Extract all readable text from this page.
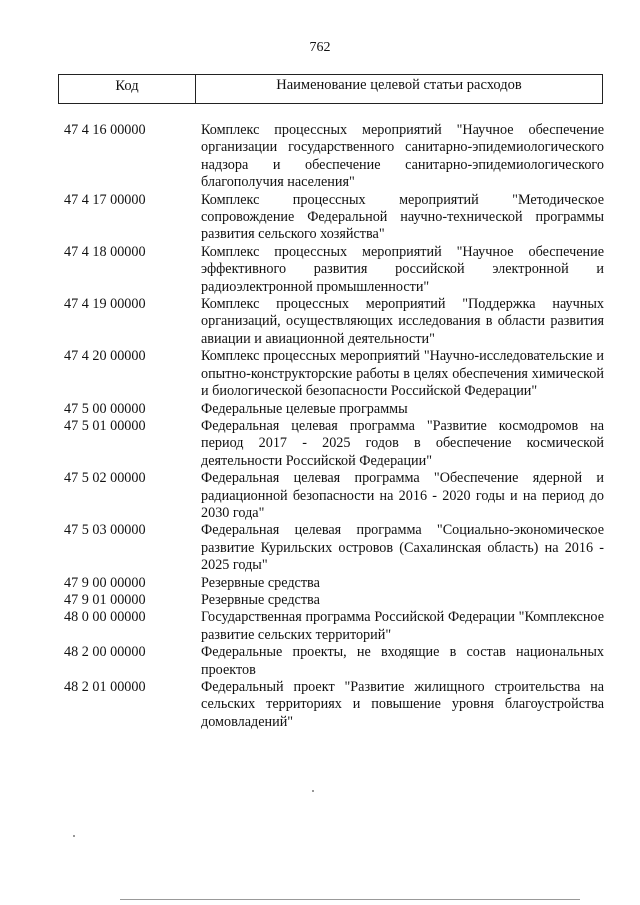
762
Код	Наименование целевой статьи расходов
47 4 16 00000	Комплекс процессных мероприятий "Научное обеспечение организации государственного санитарно-эпидемиологического надзора и обеспечение санитарно-эпидемиологического благополучия населения"
47 4 17 00000	Комплекс процессных мероприятий "Методическое сопровождение Федеральной научно-технической программы развития сельского хозяйства"
47 4 18 00000	Комплекс процессных мероприятий "Научное обеспечение эффективного развития российской электронной и радиоэлектронной промышленности"
47 4 19 00000	Комплекс процессных мероприятий "Поддержка научных организаций, осуществляющих исследования в области развития авиации и авиационной деятельности"
47 4 20 00000	Комплекс процессных мероприятий "Научно-исследовательские и опытно-конструкторские работы в целях обеспечения химической и биологической безопасности Российской Федерации"
47 5 00 00000	Федеральные целевые программы
47 5 01 00000	Федеральная целевая программа "Развитие космодромов на период 2017 - 2025 годов в обеспечение космической деятельности Российской Федерации"
47 5 02 00000	Федеральная целевая программа "Обеспечение ядерной и радиационной безопасности на 2016 - 2020 годы и на период до 2030 года"
47 5 03 00000	Федеральная целевая программа "Социально-экономическое развитие Курильских островов (Сахалинская область) на 2016 - 2025 годы"
47 9 00 00000	Резервные средства
47 9 01 00000	Резервные средства
48 0 00 00000	Государственная программа Российской Федерации "Комплексное развитие сельских территорий"
48 2 00 00000	Федеральные проекты, не входящие в состав национальных проектов
48 2 01 00000	Федеральный проект "Развитие жилищного строительства на сельских территориях и повышение уровня благоустройства домовладений"
